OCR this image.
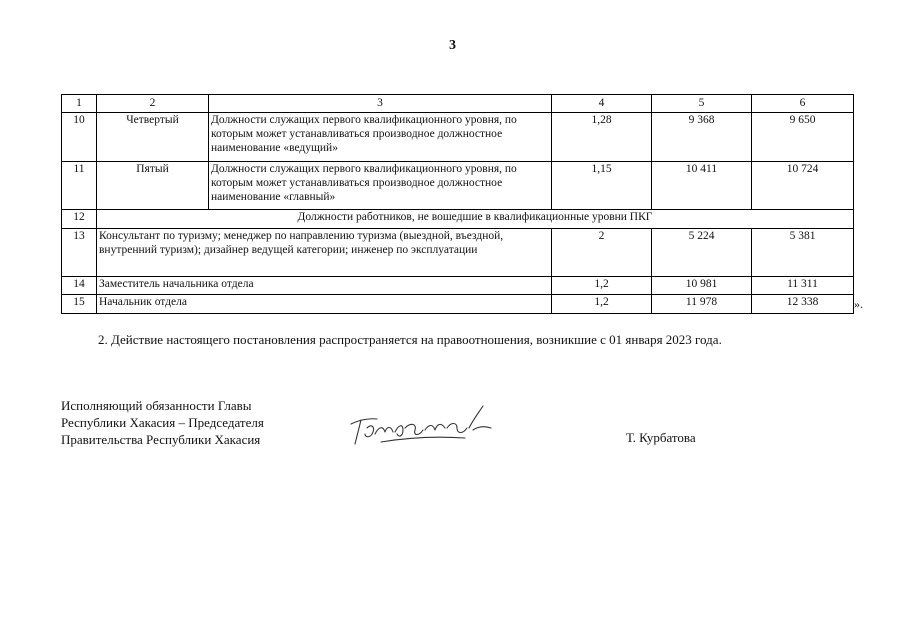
3
1	2	3	4	5	6
10	Четвертый	Должности служащих первого квалификационного уровня, по которым может устанавливаться производное должностное наименование «ведущий»	1,28	9 368	9 650
11	Пятый	Должности служащих первого квалификационного уровня, по которым может устанавливаться производное должностное наименование «главный»	1,15	10 411	10 724
12	Должности работников, не вошедшие в квалификационные уровни ПКГ				
13	Консультант по туризму; менеджер по направлению туризма (выездной, въездной, внутренний туризм); дизайнер ведущей категории; инженер по эксплуатации		2	5 224	5 381
14	Заместитель начальника отдела		1,2	10 981	11 311
15	Начальник отдела		1,2	11 978	12 338	».
2. Действие настоящего постановления распространяется на правоотношения, возникшие с 01 января 2023 года.
Исполняющий обязанности Главы
Республики Хакасия – Председателя
Правительства Республики Хакасия	Т. Курбатова
